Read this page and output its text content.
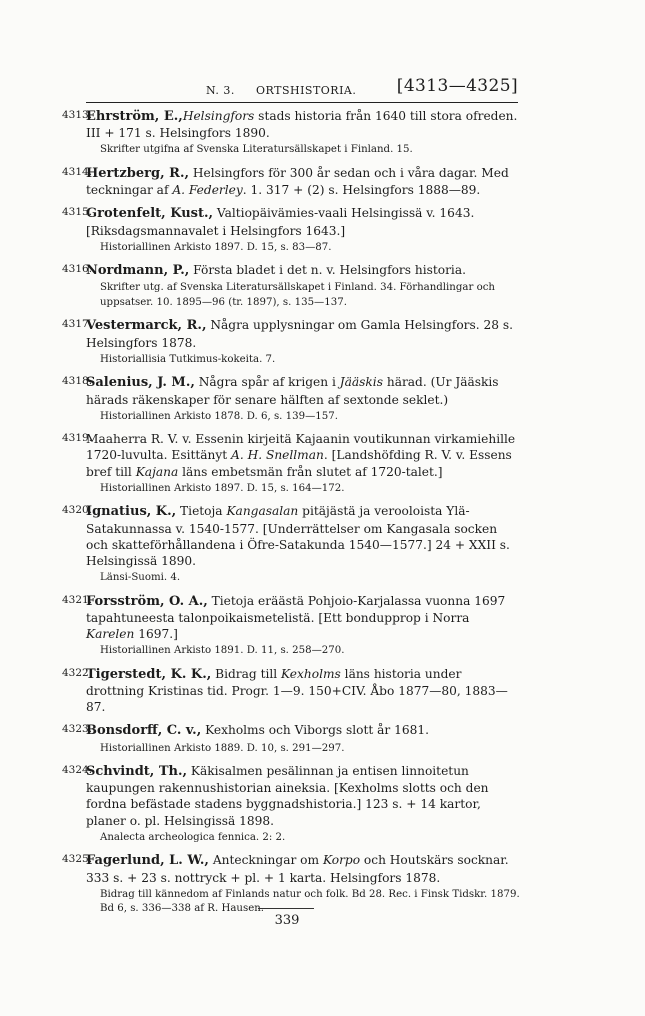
N. 3. ORTSHISTORIA. [4313—4325]
4313.
Ehrström, E.,Helsingfors stads historia från 1640 till stora ofreden. III + 171 s. Helsingfors 1890.
Skrifter utgifna af Svenska Literatursällskapet i Finland. 15.
4314.
Hertzberg, R., Helsingfors för 300 år sedan och i våra dagar. Med teckningar af A. Federley. 1. 317 + (2) s. Helsingfors 1888—89.
4315.
Grotenfelt, Kust., Valtiopäivämies-vaali Helsingissä v. 1643. [Riksdagsmannavalet i Helsingfors 1643.]
Historiallinen Arkisto 1897. D. 15, s. 83—87.
4316.
Nordmann, P., Första bladet i det n. v. Helsingfors historia.
Skrifter utg. af Svenska Literatursällskapet i Finland. 34. Förhandlingar och uppsatser. 10. 1895—96 (tr. 1897), s. 135—137.
4317.
Vestermarck, R., Några upplysningar om Gamla Helsingfors. 28 s. Helsingfors 1878.
Historiallisia Tutkimus-kokeita. 7.
4318.
Salenius, J. M., Några spår af krigen i Jääskis härad. (Ur Jääskis härads räkenskaper för senare hälften af sextonde seklet.)
Historiallinen Arkisto 1878. D. 6, s. 139—157.
4319.
Maaherra R. V. v. Essenin kirjeitä Kajaanin voutikunnan virkamiehille 1720-luvulta. Esittänyt A. H. Snellman. [Landshöfding R. V. v. Essens bref till Kajana läns embetsmän från slutet af 1720-talet.]
Historiallinen Arkisto 1897. D. 15, s. 164—172.
4320.
Ignatius, K., Tietoja Kangasalan pitäjästä ja verooloista Ylä-Satakunnassa v. 1540-1577. [Underrättelser om Kangasala socken och skatteförhållandena i Öfre-Satakunda 1540—1577.] 24 + XXII s. Helsingissä 1890.
Länsi-Suomi. 4.
4321.
Forsström, O. A., Tietoja eräästä Pohjoio-Karjalassa vuonna 1697 tapahtuneesta talonpoikaismetelistä. [Ett bondupprор i Norra Karelen 1697.]
Historiallinen Arkisto 1891. D. 11, s. 258—270.
4322.
Tigerstedt, K. K., Bidrag till Kexholms läns historia under drottning Kristinas tid. Progr. 1—9. 150+CIV. Åbo 1877—80, 1883—87.
4323.
Bonsdorff, C. v., Kexholms och Viborgs slott år 1681.
Historiallinen Arkisto 1889. D. 10, s. 291—297.
4324.
Schvindt, Th., Käkisalmen pesälinnan ja entisen linnoitetun kaupungen rakennushistorian aineksia. [Kexholms slotts och den fordna befästade stadens byggnadshistoria.] 123 s. + 14 kartor, planer o. pl. Helsingissä 1898.
Analecta archeologica fennica. 2: 2.
4325.
Fagerlund, L. W., Anteckningar om Korpo och Houtskärs socknar. 333 s. + 23 s. nottryck + pl. + 1 karta. Helsingfors 1878.
Bidrag till kännedom af Finlands natur och folk. Bd 28. Rec. i Finsk Tidskr. 1879. Bd 6, s. 336—338 af R. Hausen.
339
